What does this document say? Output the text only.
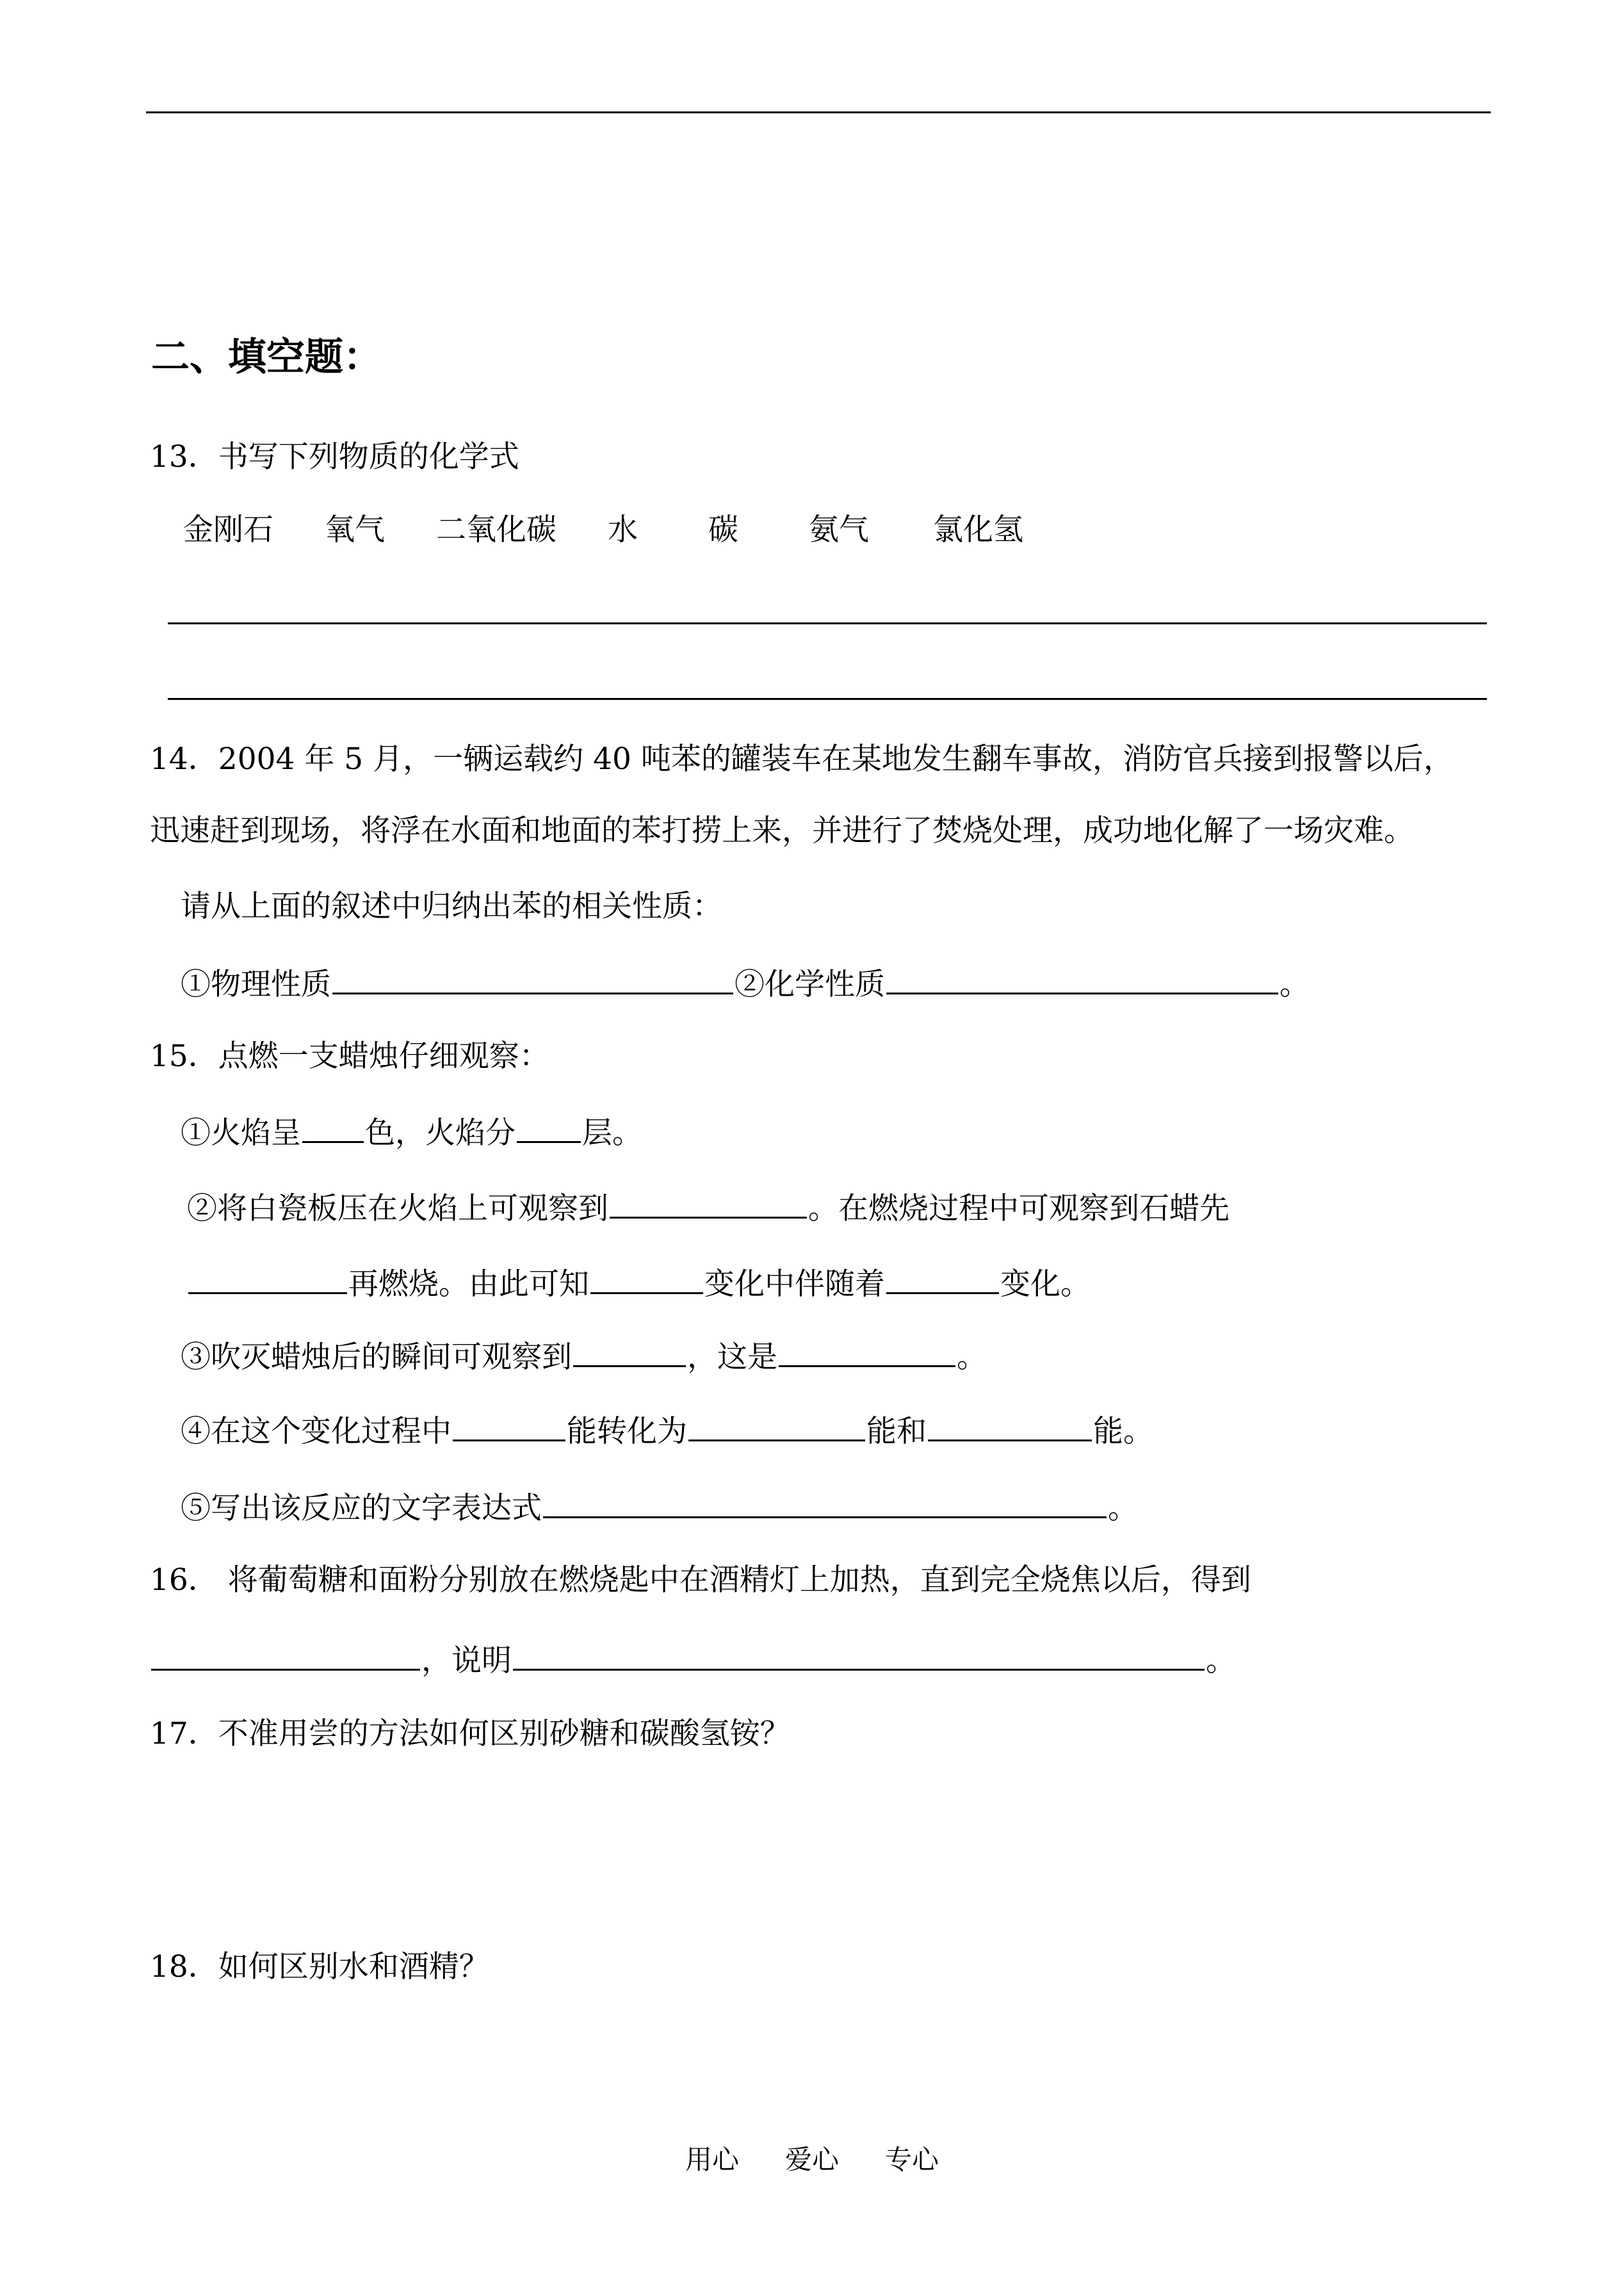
二、填空题：
13．书写下列物质的化学式
金刚石 氧气 二氧化碳 水 碳 氨气 氯化氢
14．2004 年 5 月，一辆运载约 40 吨苯的罐装车在某地发生翻车事故，消防官兵接到报警以后，
迅速赶到现场，将浮在水面和地面的苯打捞上来，并进行了焚烧处理，成功地化解了一场灾难。
请从上面的叙述中归纳出苯的相关性质：
①物理性质	②化学性质	。
15．点燃一支蜡烛仔细观察：
①火焰呈 色，火焰分 层。
②将白瓷板压在火焰上可观察到	。在燃烧过程中可观察到石蜡先
再燃烧。由此可知	变化中伴随着	变化。
③吹灭蜡烛后的瞬间可观察到	，这是	。
④在这个变化过程中	能转化为	能和	能。
⑤写出该反应的文字表达式	。
16． 将葡萄糖和面粉分别放在燃烧匙中在酒精灯上加热，直到完全烧焦以后，得到
，说明	。
17．不准用尝的方法如何区别砂糖和碳酸氢铵？
18．如何区别水和酒精？
用心 爱心 专心
